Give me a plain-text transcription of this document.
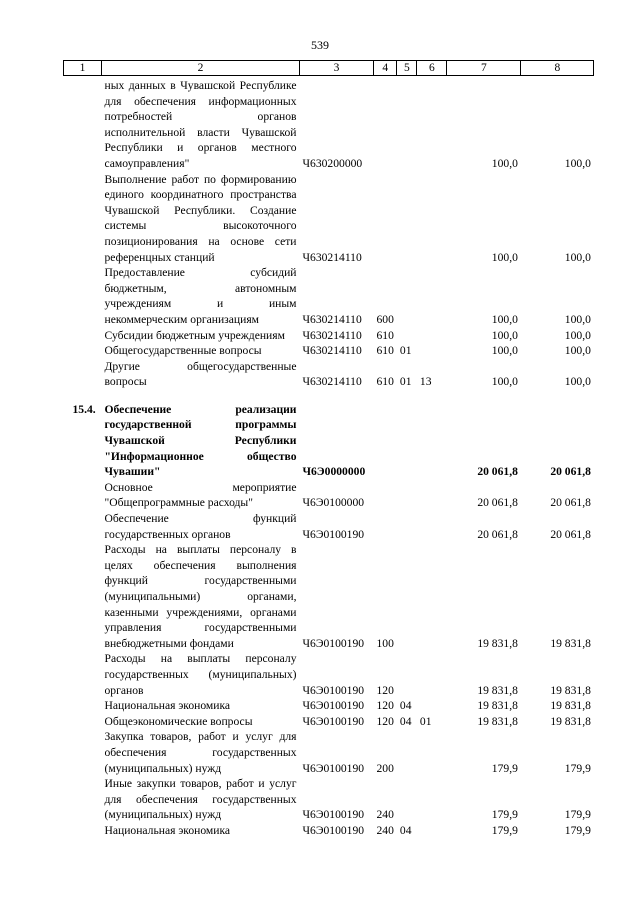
539
1	2	3	4	5	6	7	8
	ных данных в Чувашской Республике для обеспечения информационных потребностей органов исполнительной власти Чувашской Республики и органов местного самоуправления"	Ч630200000				100,0	100,0
	Выполнение работ по формированию единого координатного пространства Чувашской Республики. Создание системы высокоточного позиционирования на основе сети референцных станций	Ч630214110				100,0	100,0
	Предоставление субсидий бюджетным, автономным учреждениям и иным некоммерческим организациям	Ч630214110	600			100,0	100,0
	Субсидии бюджетным учреждениям	Ч630214110	610			100,0	100,0
	Общегосударственные вопросы	Ч630214110	610	01		100,0	100,0
	Другие общегосударственные вопросы	Ч630214110	610	01	13	100,0	100,0
15.4.	Обеспечение реализации государственной программы Чувашской Республики "Информационное общество Чувашии"	Ч6Э0000000				20 061,8	20 061,8
	Основное мероприятие "Общепрограммные расходы"	Ч6Э0100000				20 061,8	20 061,8
	Обеспечение функций государственных органов	Ч6Э0100190				20 061,8	20 061,8
	Расходы на выплаты персоналу в целях обеспечения выполнения функций государственными (муниципальными) органами, казенными учреждениями, органами управления государственными внебюджетными фондами	Ч6Э0100190	100			19 831,8	19 831,8
	Расходы на выплаты персоналу государственных (муниципальных) органов	Ч6Э0100190	120			19 831,8	19 831,8
	Национальная экономика	Ч6Э0100190	120	04		19 831,8	19 831,8
	Общеэкономические вопросы	Ч6Э0100190	120	04	01	19 831,8	19 831,8
	Закупка товаров, работ и услуг для обеспечения государственных (муниципальных) нужд	Ч6Э0100190	200			179,9	179,9
	Иные закупки товаров, работ и услуг для обеспечения государственных (муниципальных) нужд	Ч6Э0100190	240			179,9	179,9
	Национальная экономика	Ч6Э0100190	240	04		179,9	179,9
